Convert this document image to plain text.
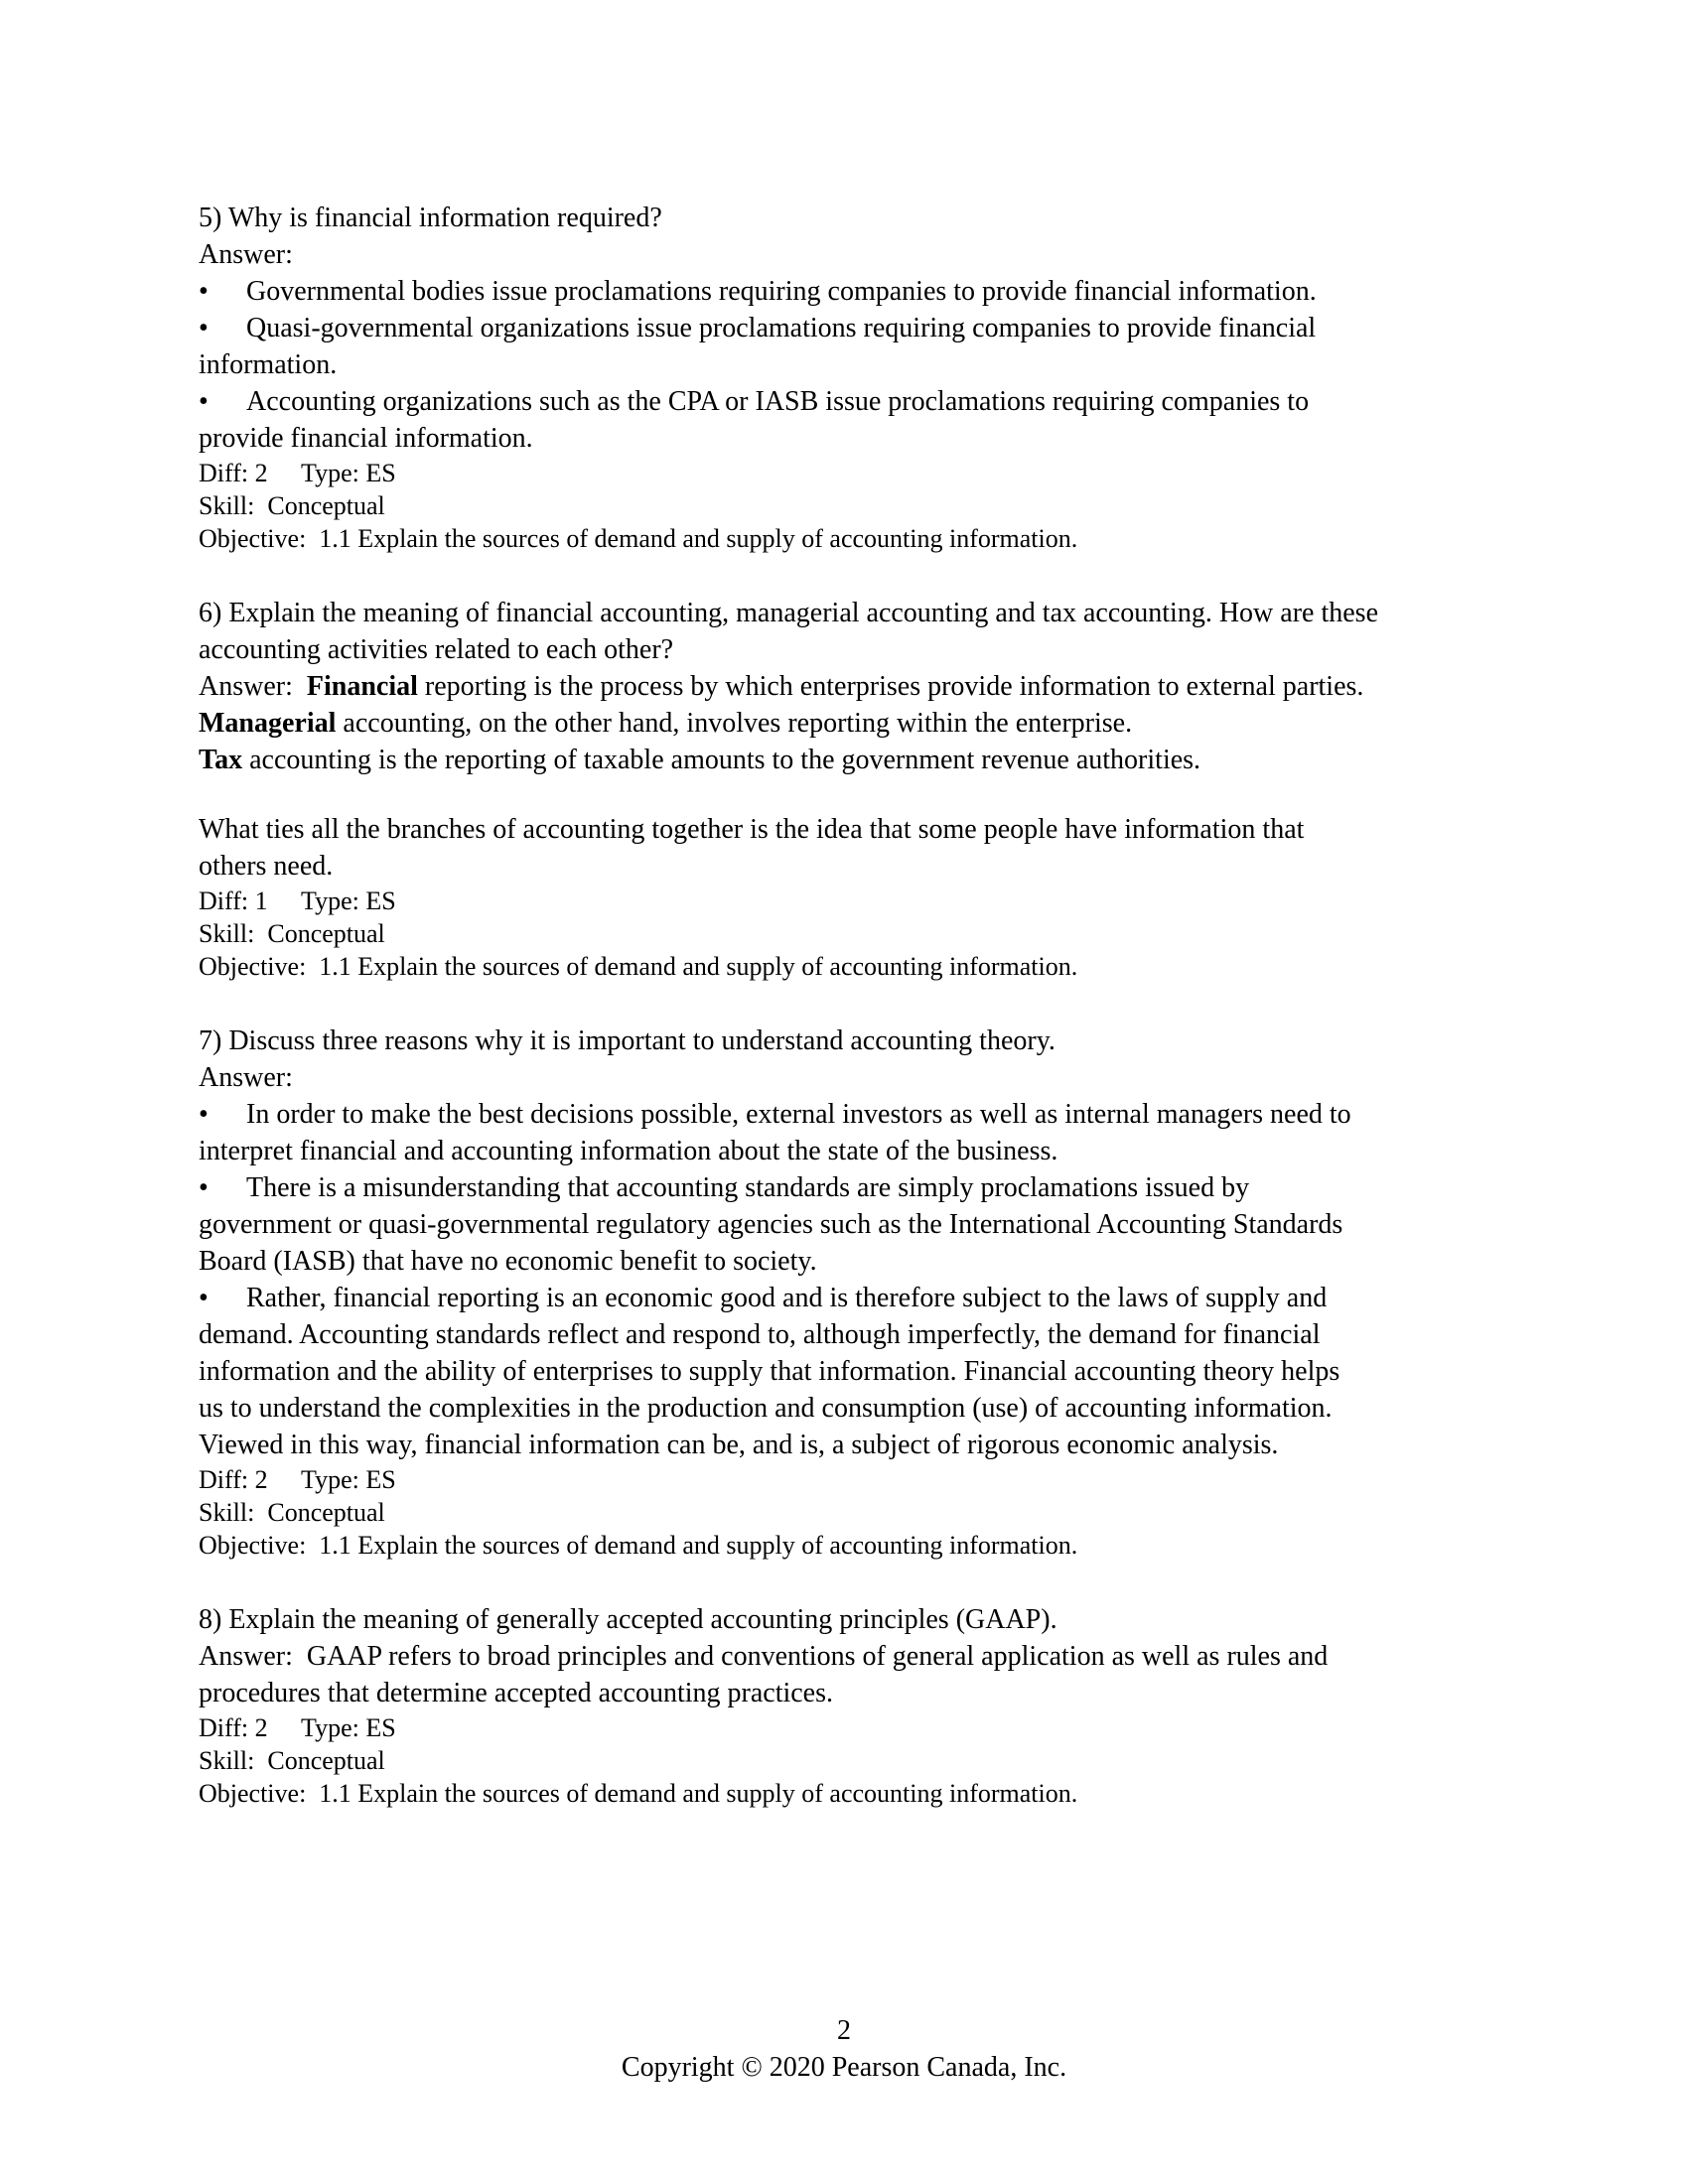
5) Why is financial information required?
Answer:
• Governmental bodies issue proclamations requiring companies to provide financial information.
• Quasi-governmental organizations issue proclamations requiring companies to provide financial
information.
• Accounting organizations such as the CPA or IASB issue proclamations requiring companies to
provide financial information.
Diff: 2 Type: ES
Skill:  Conceptual
Objective:  1.1 Explain the sources of demand and supply of accounting information.
6) Explain the meaning of financial accounting, managerial accounting and tax accounting. How are these
accounting activities related to each other?
Answer:  Financial reporting is the process by which enterprises provide information to external parties.
Managerial accounting, on the other hand, involves reporting within the enterprise.
Tax accounting is the reporting of taxable amounts to the government revenue authorities.
What ties all the branches of accounting together is the idea that some people have information that
others need.
Diff: 1 Type: ES
Skill:  Conceptual
Objective:  1.1 Explain the sources of demand and supply of accounting information.
7) Discuss three reasons why it is important to understand accounting theory.
Answer:
• In order to make the best decisions possible, external investors as well as internal managers need to
interpret financial and accounting information about the state of the business.
• There is a misunderstanding that accounting standards are simply proclamations issued by
government or quasi-governmental regulatory agencies such as the International Accounting Standards
Board (IASB) that have no economic benefit to society.
• Rather, financial reporting is an economic good and is therefore subject to the laws of supply and
demand. Accounting standards reflect and respond to, although imperfectly, the demand for financial
information and the ability of enterprises to supply that information. Financial accounting theory helps
us to understand the complexities in the production and consumption (use) of accounting information.
Viewed in this way, financial information can be, and is, a subject of rigorous economic analysis.
Diff: 2 Type: ES
Skill:  Conceptual
Objective:  1.1 Explain the sources of demand and supply of accounting information.
8) Explain the meaning of generally accepted accounting principles (GAAP).
Answer:  GAAP refers to broad principles and conventions of general application as well as rules and
procedures that determine accepted accounting practices.
Diff: 2 Type: ES
Skill:  Conceptual
Objective:  1.1 Explain the sources of demand and supply of accounting information.
2
Copyright © 2020 Pearson Canada, Inc.
